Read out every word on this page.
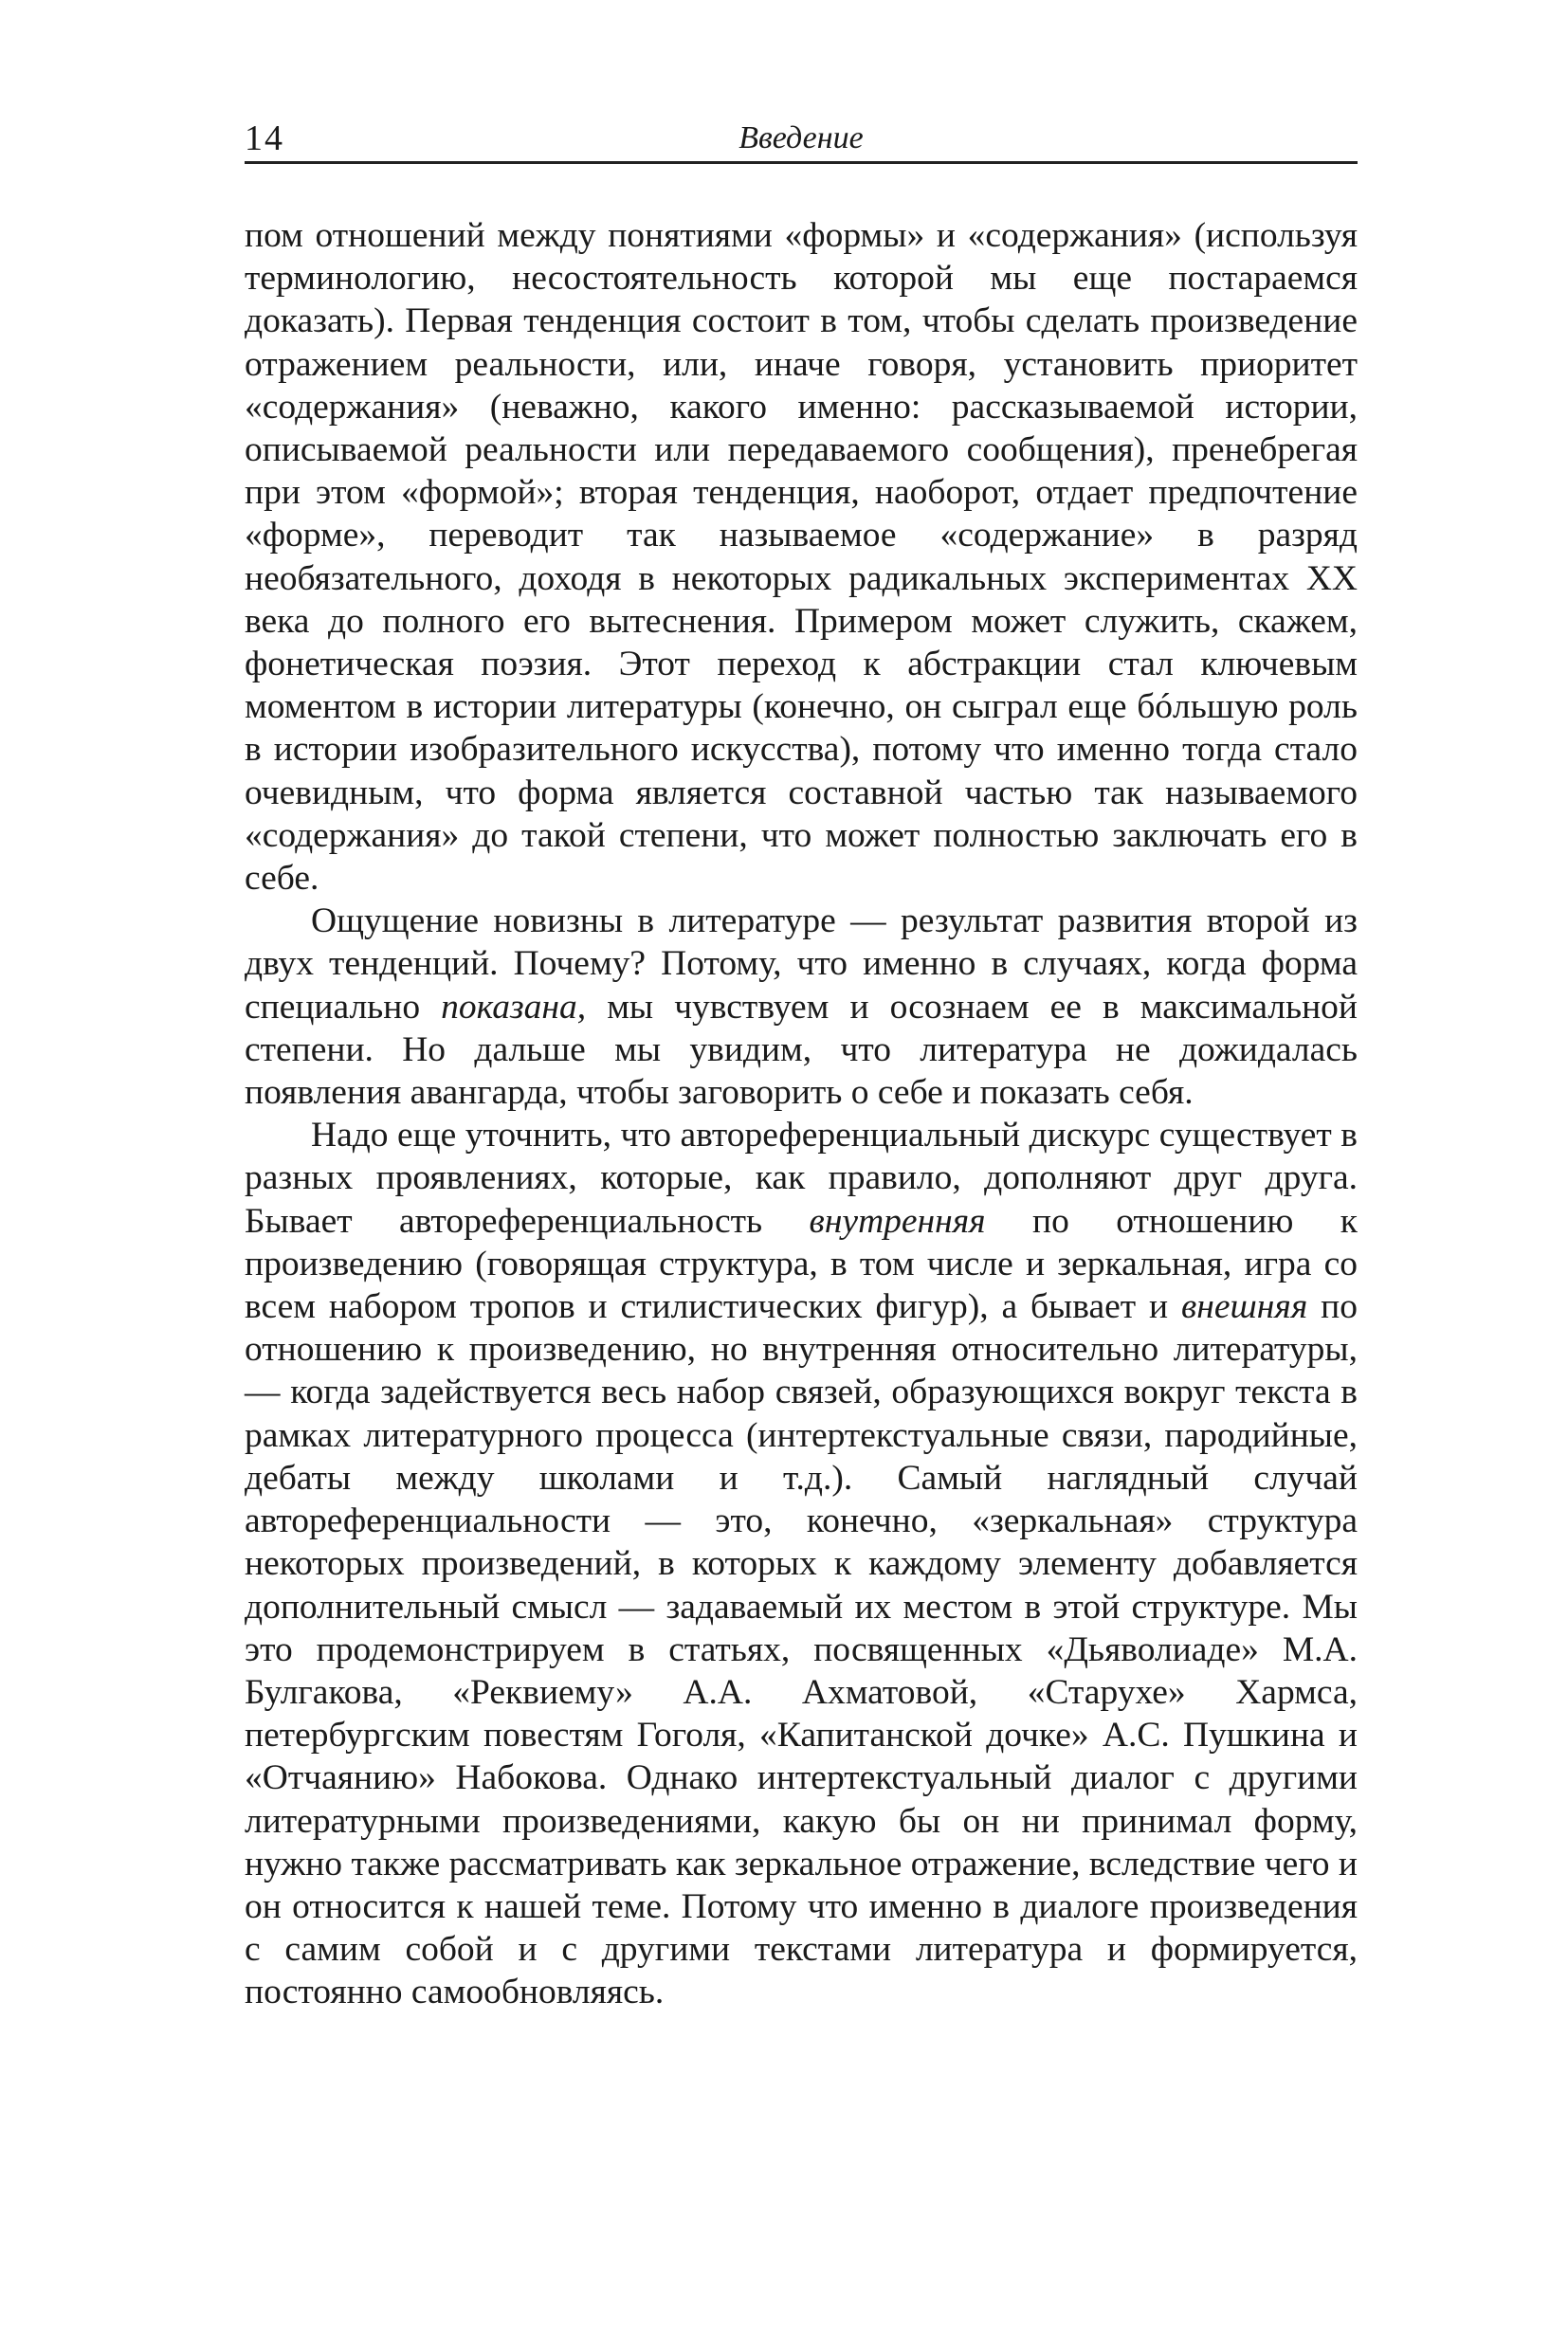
14	Введение

пом отношений между понятиями «формы» и «содержания» (используя терминологию, несостоятельность которой мы еще постараемся доказать). Первая тенденция состоит в том, чтобы сделать произведение отражением реальности, или, иначе говоря, установить приоритет «содержания» (неважно, какого именно: рассказываемой истории, описываемой реальности или передаваемого сообщения), пренебрегая при этом «формой»; вторая тенденция, наоборот, отдает предпочтение «форме», переводит так называемое «содержание» в разряд необязательного, доходя в некоторых радикальных экспериментах XX века до полного его вытеснения. Примером может служить, скажем, фонетическая поэзия. Этот переход к абстракции стал ключевым моментом в истории литературы (конечно, он сыграл еще бóльшую роль в истории изобразительного искусства), потому что именно тогда стало очевидным, что форма является составной частью так называемого «содержания» до такой степени, что может полностью заключать его в себе.

Ощущение новизны в литературе — результат развития второй из двух тенденций. Почему? Потому, что именно в случаях, когда форма специально показана, мы чувствуем и осознаем ее в максимальной степени. Но дальше мы увидим, что литература не дожидалась появления авангарда, чтобы заговорить о себе и показать себя.

Надо еще уточнить, что автореференциальный дискурс существует в разных проявлениях, которые, как правило, дополняют друг друга. Бывает автореференциальность внутренняя по отношению к произведению (говорящая структура, в том числе и зеркальная, игра со всем набором тропов и стилистических фигур), а бывает и внешняя по отношению к произведению, но внутренняя относительно литературы, — когда задействуется весь набор связей, образующихся вокруг текста в рамках литературного процесса (интертекстуальные связи, пародийные, дебаты между школами и т.д.). Самый наглядный случай автореференциальности — это, конечно, «зеркальная» структура некоторых произведений, в которых к каждому элементу добавляется дополнительный смысл — задаваемый их местом в этой структуре. Мы это продемонстрируем в статьях, посвященных «Дьяволиаде» М.А. Булгакова, «Реквиему» А.А. Ахматовой, «Старухе» Хармса, петербургским повестям Гоголя, «Капитанской дочке» А.С. Пушкина и «Отчаянию» Набокова. Однако интертекстуальный диалог с другими литературными произведениями, какую бы он ни принимал форму, нужно также рассматривать как зеркальное отражение, вследствие чего и он относится к нашей теме. Потому что именно в диалоге произведения с самим собой и с другими текстами литература и формируется, постоянно самообновляясь.
